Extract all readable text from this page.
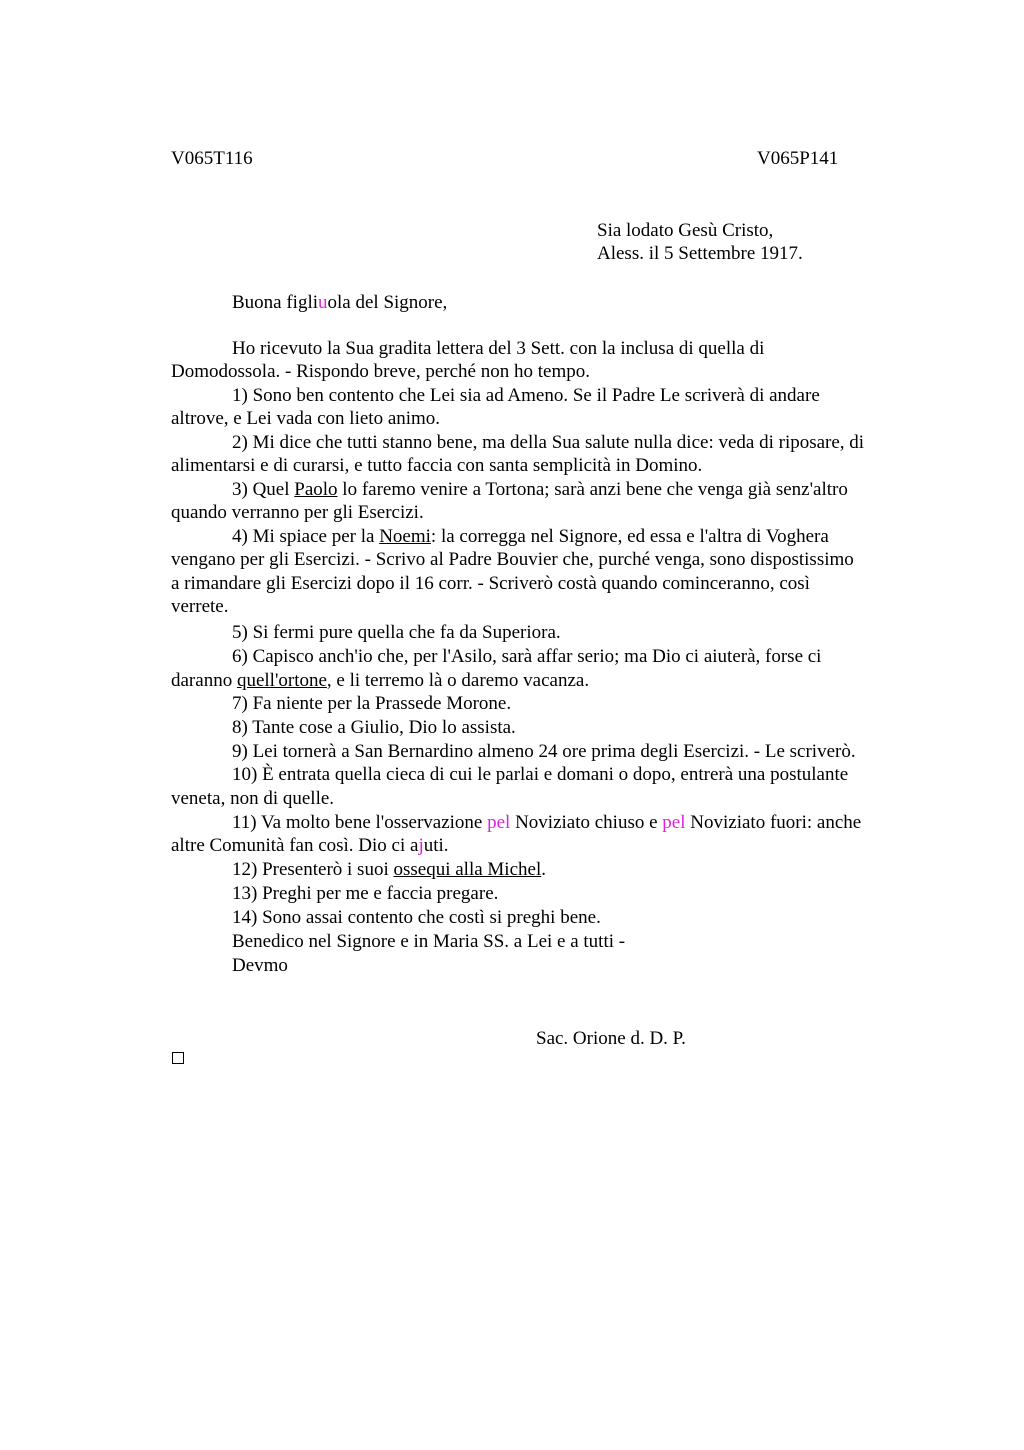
V065T116	V065P141
Sia lodato Gesù Cristo,
Aless. il 5 Settembre 1917.
Buona figliuola del Signore,
Ho ricevuto la Sua gradita lettera del 3 Sett. con la inclusa di quella di
Domodossola. - Rispondo breve, perché non ho tempo.
1) Sono ben contento che Lei sia ad Ameno. Se il Padre Le scriverà di andare
altrove, e Lei vada con lieto animo.
2) Mi dice che tutti stanno bene, ma della Sua salute nulla dice: veda di riposare, di
alimentarsi e di curarsi, e tutto faccia con santa semplicità in Domino.
3) Quel Paolo lo faremo venire a Tortona; sarà anzi bene che venga già senz'altro
quando verranno per gli Esercizi.
4) Mi spiace per la Noemi: la corregga nel Signore, ed essa e l'altra di Voghera
vengano per gli Esercizi. - Scrivo al Padre Bouvier che, purché venga, sono dispostissimo
a rimandare gli Esercizi dopo il 16 corr. - Scriverò costà quando cominceranno, così
verrete.
5) Si fermi pure quella che fa da Superiora.
6) Capisco anch'io che, per l'Asilo, sarà affar serio; ma Dio ci aiuterà, forse ci
daranno quell'ortone, e li terremo là o daremo vacanza.
7) Fa niente per la Prassede Morone.
8) Tante cose a Giulio, Dio lo assista.
9) Lei tornerà a San Bernardino almeno 24 ore prima degli Esercizi. - Le scriverò.
10) È entrata quella cieca di cui le parlai e domani o dopo, entrerà una postulante
veneta, non di quelle.
11) Va molto bene l'osservazione pel Noviziato chiuso e pel Noviziato fuori: anche
altre Comunità fan così. Dio ci ajuti.
12) Presenterò i suoi ossequi alla Michel.
13) Preghi per me e faccia pregare.
14) Sono assai contento che costì si preghi bene.
Benedico nel Signore e in Maria SS. a Lei e a tutti -
Devmo
Sac. Orione d. D. P.
